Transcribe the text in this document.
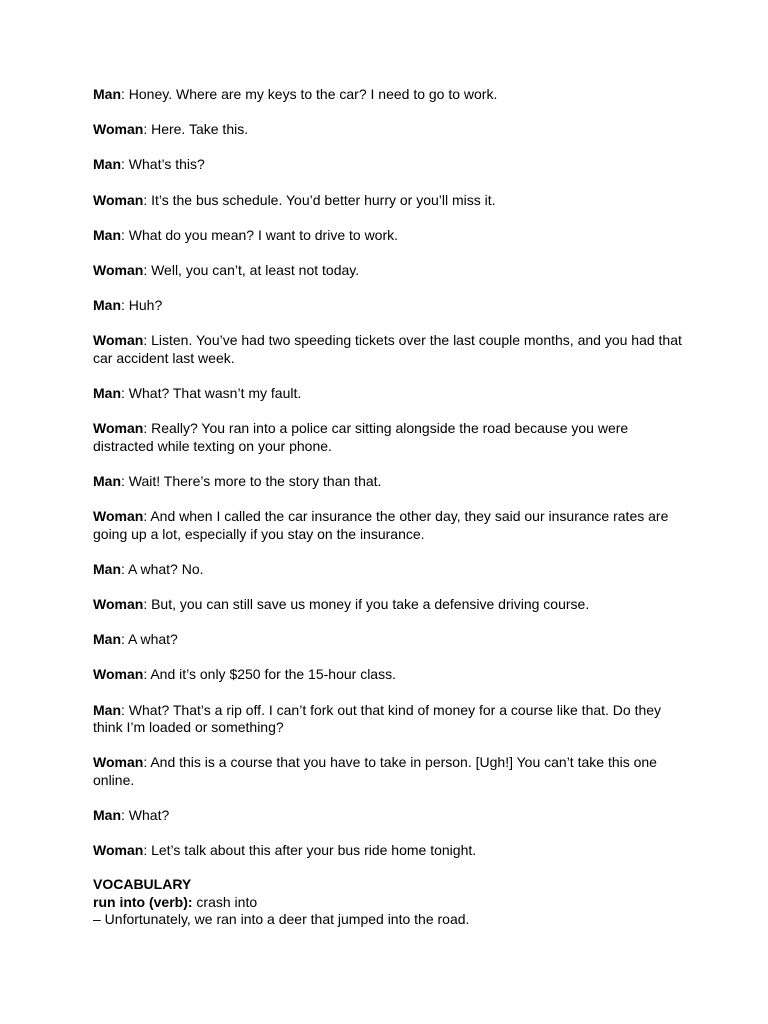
Man: Honey. Where are my keys to the car? I need to go to work.

Woman: Here. Take this.

Man: What’s this?

Woman: It’s the bus schedule. You’d better hurry or you’ll miss it.

Man: What do you mean? I want to drive to work.

Woman: Well, you can’t, at least not today.

Man: Huh?

Woman: Listen. You’ve had two speeding tickets over the last couple months, and you had that car accident last week.

Man: What? That wasn’t my fault.

Woman: Really? You ran into a police car sitting alongside the road because you were distracted while texting on your phone.

Man: Wait! There’s more to the story than that.

Woman: And when I called the car insurance the other day, they said our insurance rates are going up a lot, especially if you stay on the insurance.

Man: A what? No.

Woman: But, you can still save us money if you take a defensive driving course.

Man: A what?

Woman: And it’s only $250 for the 15-hour class.

Man: What? That’s a rip off. I can’t fork out that kind of money for a course like that. Do they think I’m loaded or something?

Woman: And this is a course that you have to take in person. [Ugh!] You can’t take this one online.

Man: What?

Woman: Let’s talk about this after your bus ride home tonight.

VOCABULARY
run into (verb): crash into
– Unfortunately, we ran into a deer that jumped into the road.
